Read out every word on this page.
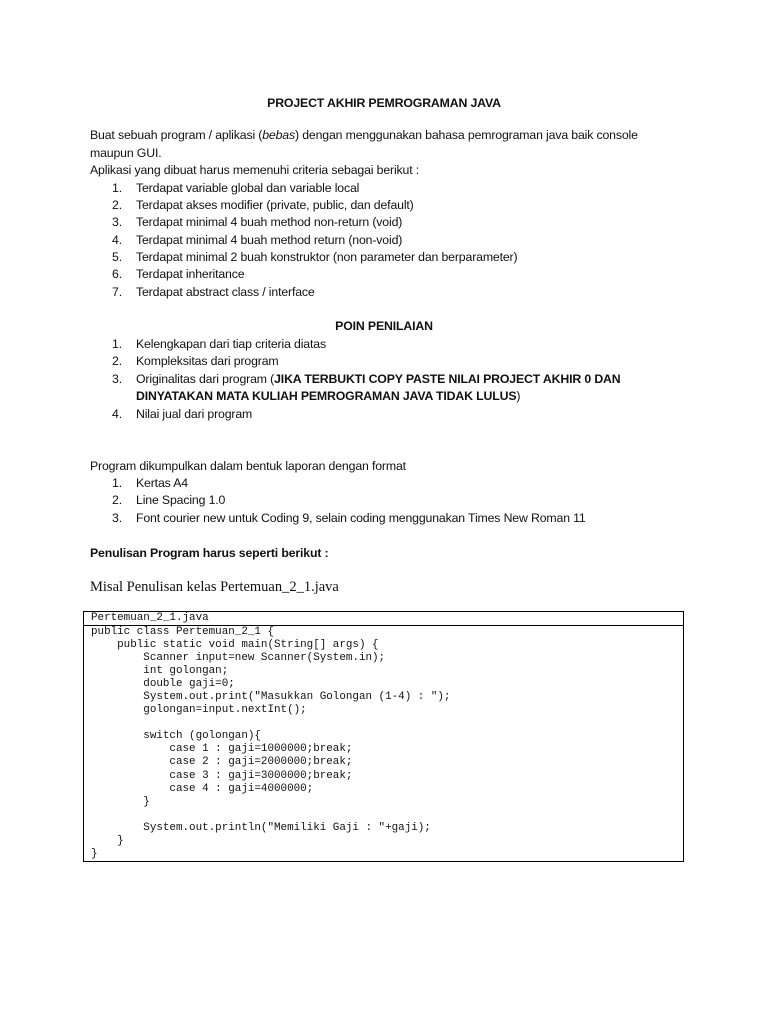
PROJECT AKHIR PEMROGRAMAN JAVA
Buat sebuah program / aplikasi (bebas) dengan menggunakan bahasa pemrograman java baik console
maupun GUI.
Aplikasi yang dibuat harus memenuhi criteria sebagai berikut :
1. Terdapat variable global dan variable local
2. Terdapat akses modifier (private, public, dan default)
3. Terdapat minimal 4 buah method non-return (void)
4. Terdapat minimal 4 buah method return (non-void)
5. Terdapat minimal 2 buah konstruktor (non parameter dan berparameter)
6. Terdapat inheritance
7. Terdapat abstract class / interface
POIN PENILAIAN
1. Kelengkapan dari tiap criteria diatas
2. Kompleksitas dari program
3. Originalitas dari program (JIKA TERBUKTI COPY PASTE NILAI PROJECT AKHIR 0 DAN
DINYATAKAN MATA KULIAH PEMROGRAMAN JAVA TIDAK LULUS)
4. Nilai jual dari program
Program dikumpulkan dalam bentuk laporan dengan format
1. Kertas A4
2. Line Spacing 1.0
3. Font courier new untuk Coding 9, selain coding menggunakan Times New Roman 11
Penulisan Program harus seperti berikut :
Misal Penulisan kelas Pertemuan_2_1.java
Pertemuan_2_1.java
public class Pertemuan_2_1 {
public static void main(String[] args) {
Scanner input=new Scanner(System.in);
int golongan;
double gaji=0;
System.out.print("Masukkan Golongan (1-4) : ");
golongan=input.nextInt();

switch (golongan){
case 1 : gaji=1000000;break;
case 2 : gaji=2000000;break;
case 3 : gaji=3000000;break;
case 4 : gaji=4000000;
}

System.out.println("Memiliki Gaji : "+gaji);
}
}
